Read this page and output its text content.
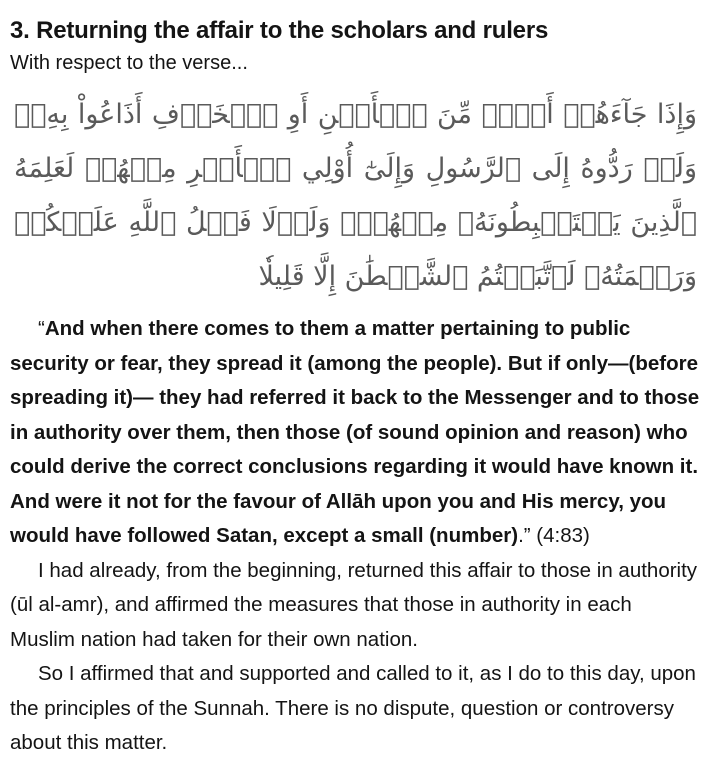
3. Returning the affair to the scholars and rulers

With respect to the verse...

وَإِذَا جَآءَهُمۡ أَمۡرٞ مِّنَ ٱلۡأَمۡنِ أَوِ ٱلۡخَوۡفِ أَذَاعُواْ بِهِۦۖ وَلَوۡ رَدُّوهُ إِلَى ٱلرَّسُولِ وَإِلَىٰٓ أُوْلِي ٱلۡأَمۡرِ مِنۡهُمۡ لَعَلِمَهُ ٱلَّذِينَ يَسۡتَنۢبِطُونَهُۥ مِنۡهُمۡۗ وَلَوۡلَا فَضۡلُ ٱللَّهِ عَلَيۡكُمۡ وَرَحۡمَتُهُۥ لَٱتَّبَعۡتُمُ ٱلشَّيۡطَٰنَ إِلَّا قَلِيلٗا

“And when there comes to them a matter pertaining to public security or fear, they spread it (among the people). But if only—(before spreading it)— they had referred it back to the Messenger and to those in authority over them, then those (of sound opinion and reason) who could derive the correct conclusions regarding it would have known it. And were it not for the favour of Allāh upon you and His mercy, you would have followed Satan, except a small (number).” (4:83)

I had already, from the beginning, returned this affair to those in authority (ūl al-amr), and affirmed the measures that those in authority in each Muslim nation had taken for their own nation.

So I affirmed that and supported and called to it, as I do to this day, upon the principles of the Sunnah. There is no dispute, question or controversy about this matter.
